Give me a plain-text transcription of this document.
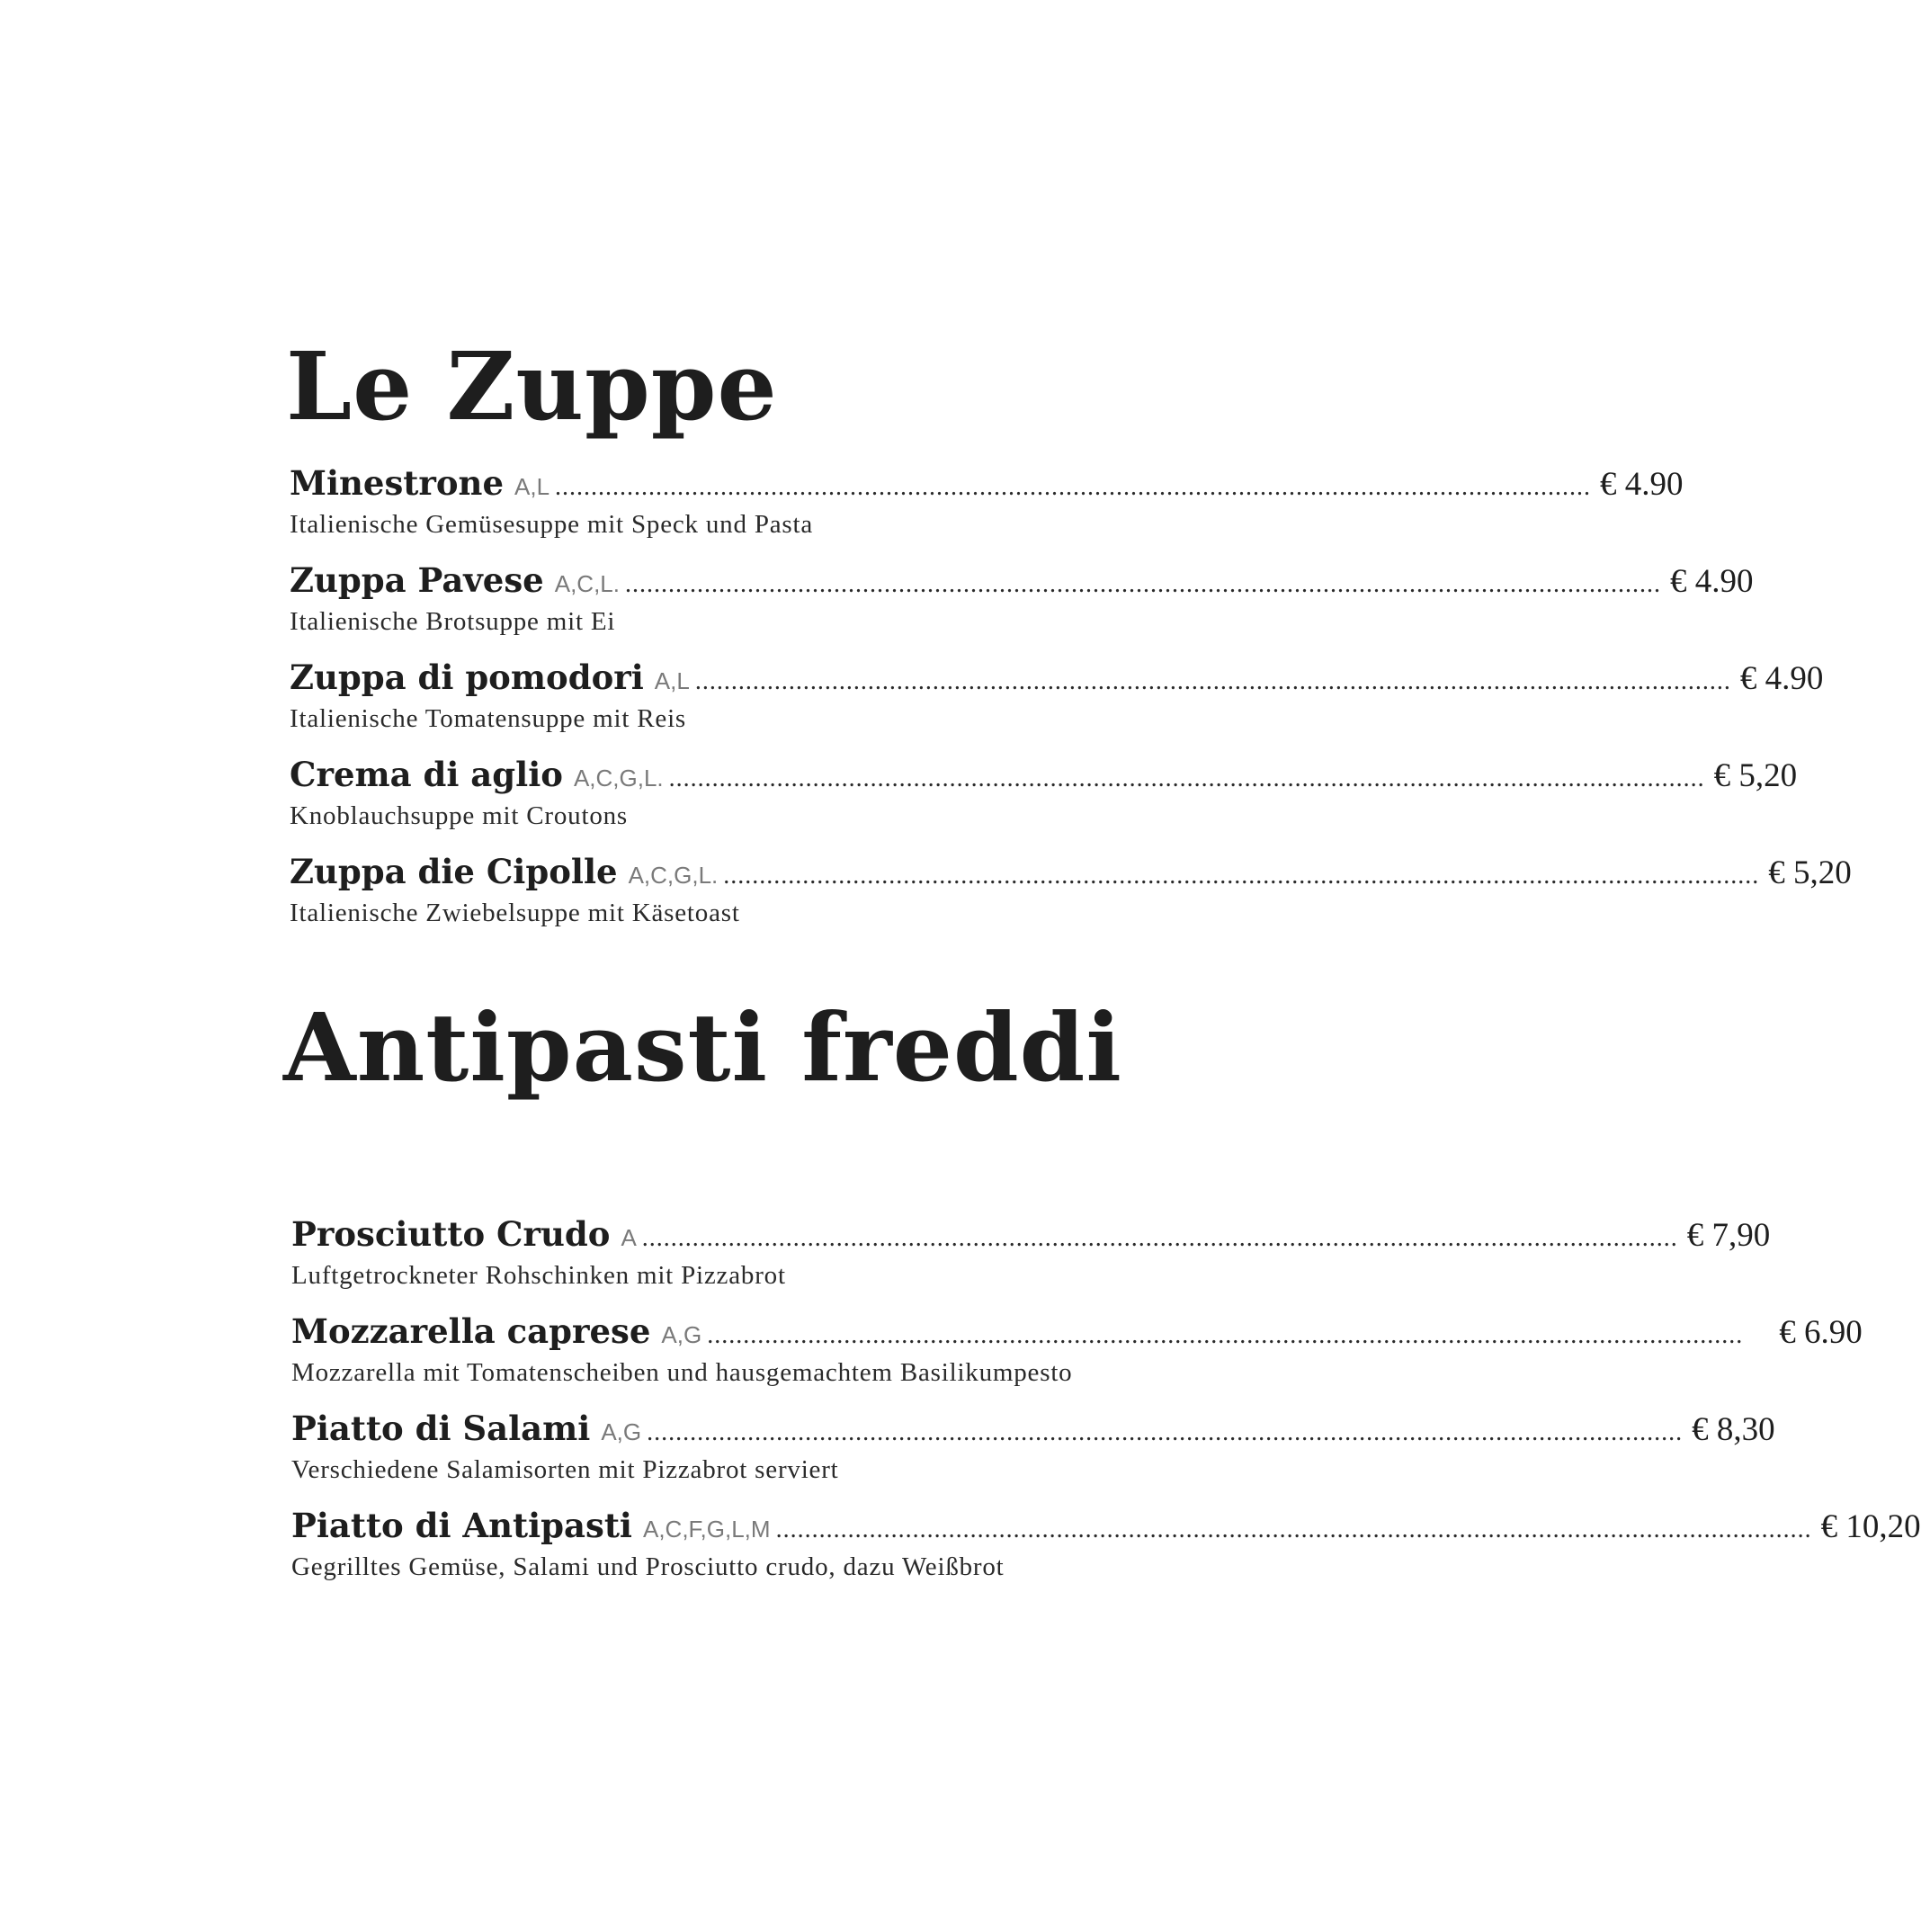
Le Zuppe
Minestrone A,L ................................................................................................................................................ € 4.90
Italienische Gemüsesuppe mit Speck und Pasta
Zuppa Pavese A,C,L. ................................................................................................................................................ € 4.90
Italienische Brotsuppe mit Ei
Zuppa di pomodori A,L ................................................................................................................................................ € 4.90
Italienische Tomatensuppe mit Reis
Crema di aglio A,C,G,L. ................................................................................................................................................ € 5,20
Knoblauchsuppe mit Croutons
Zuppa die Cipolle A,C,G,L. ................................................................................................................................................ € 5,20
Italienische Zwiebelsuppe mit Käsetoast
Antipasti freddi
Prosciutto Crudo A ................................................................................................................................................ € 7,90
Luftgetrockneter Rohschinken mit Pizzabrot
Mozzarella caprese A,G ................................................................................................................................................ € 6.90
Mozzarella mit Tomatenscheiben und hausgemachtem Basilikumpesto
Piatto di Salami A,G ................................................................................................................................................ € 8,30
Verschiedene Salamisorten mit Pizzabrot serviert
Piatto di Antipasti A,C,F,G,L,M ................................................................................................................................................ € 10,20
Gegrilltes Gemüse, Salami und Prosciutto crudo, dazu Weißbrot
